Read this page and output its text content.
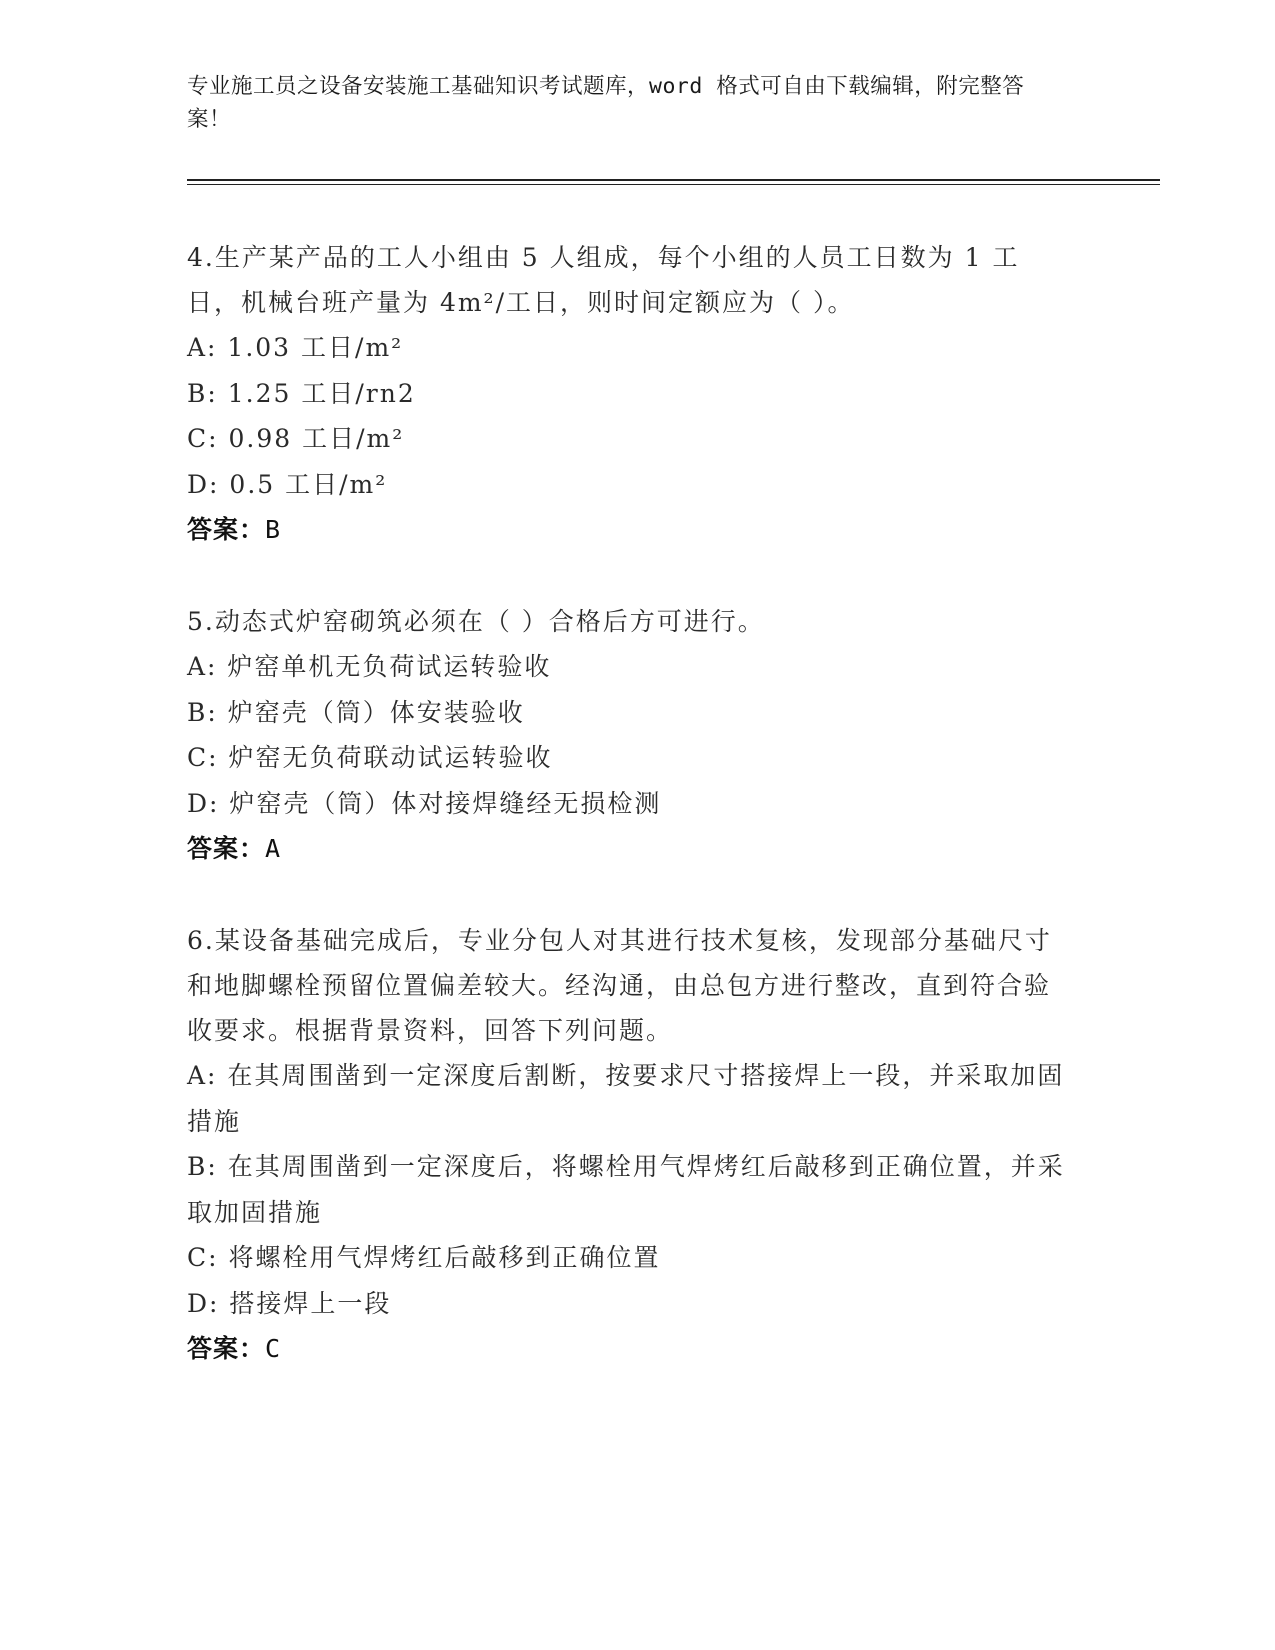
专业施工员之设备安装施工基础知识考试题库，word 格式可自由下载编辑，附完整答案！

4.生产某产品的工人小组由 5 人组成，每个小组的人员工日数为 1 工日，机械台班产量为 4m²/工日，则时间定额应为（ ）。

A: 1.03 工日/m²

B: 1.25 工日/rn2

C: 0.98 工日/m²

D: 0.5 工日/m²

答案：B

5.动态式炉窑砌筑必须在（ ）合格后方可进行。

A: 炉窑单机无负荷试运转验收

B: 炉窑壳（筒）体安装验收

C: 炉窑无负荷联动试运转验收

D: 炉窑壳（筒）体对接焊缝经无损检测

答案：A

6.某设备基础完成后，专业分包人对其进行技术复核，发现部分基础尺寸和地脚螺栓预留位置偏差较大。经沟通，由总包方进行整改，直到符合验收要求。根据背景资料，回答下列问题。

A: 在其周围凿到一定深度后割断，按要求尺寸搭接焊上一段，并采取加固措施

B: 在其周围凿到一定深度后，将螺栓用气焊烤红后敲移到正确位置，并采取加固措施

C: 将螺栓用气焊烤红后敲移到正确位置

D: 搭接焊上一段

答案：C
